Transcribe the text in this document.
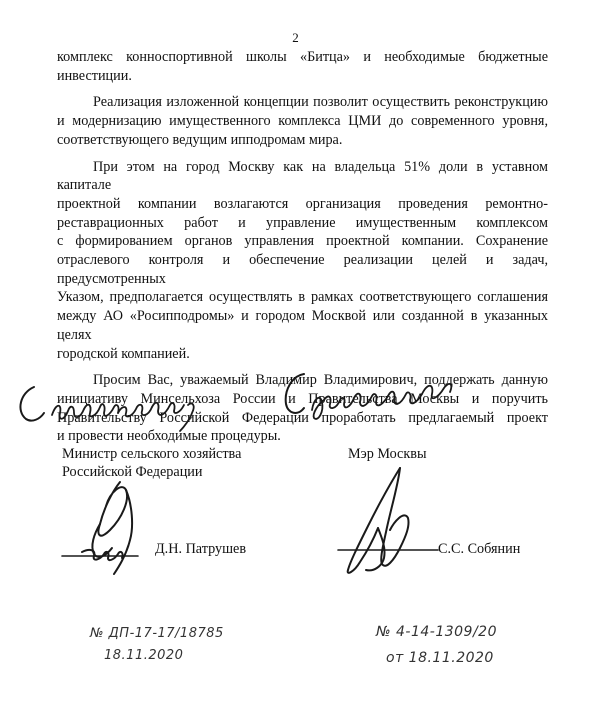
2

комплекс конноспортивной школы «Битца» и необходимые бюджетные
инвестиции.

Реализация изложенной концепции позволит осуществить реконструкцию
и модернизацию имущественного комплекса ЦМИ до современного уровня,
соответствующего ведущим ипподромам мира.

При этом на город Москву как на владельца 51% доли в уставном капитале
проектной компании возлагаются организация проведения ремонтно-
реставрационных работ и управление имущественным комплексом
с формированием органов управления проектной компании. Сохранение
отраслевого контроля и обеспечение реализации целей и задач, предусмотренных
Указом, предполагается осуществлять в рамках соответствующего соглашения
между АО «Росипподромы» и городом Москвой или созданной в указанных целях
городской компанией.

Просим Вас, уважаемый Владимир Владимирович, поддержать данную
инициативу Минсельхоза России и Правительства Москвы и поручить
Правительству Российской Федерации проработать предлагаемый проект
и провести необходимые процедуры.

Министр сельского хозяйства
Российской Федерации
Д.Н. Патрушев
№ ДП-17-17/18785
18.11.2020
Мэр Москвы
С.С. Собянин
№ 4-14-1309/20
от 18.11.2020
